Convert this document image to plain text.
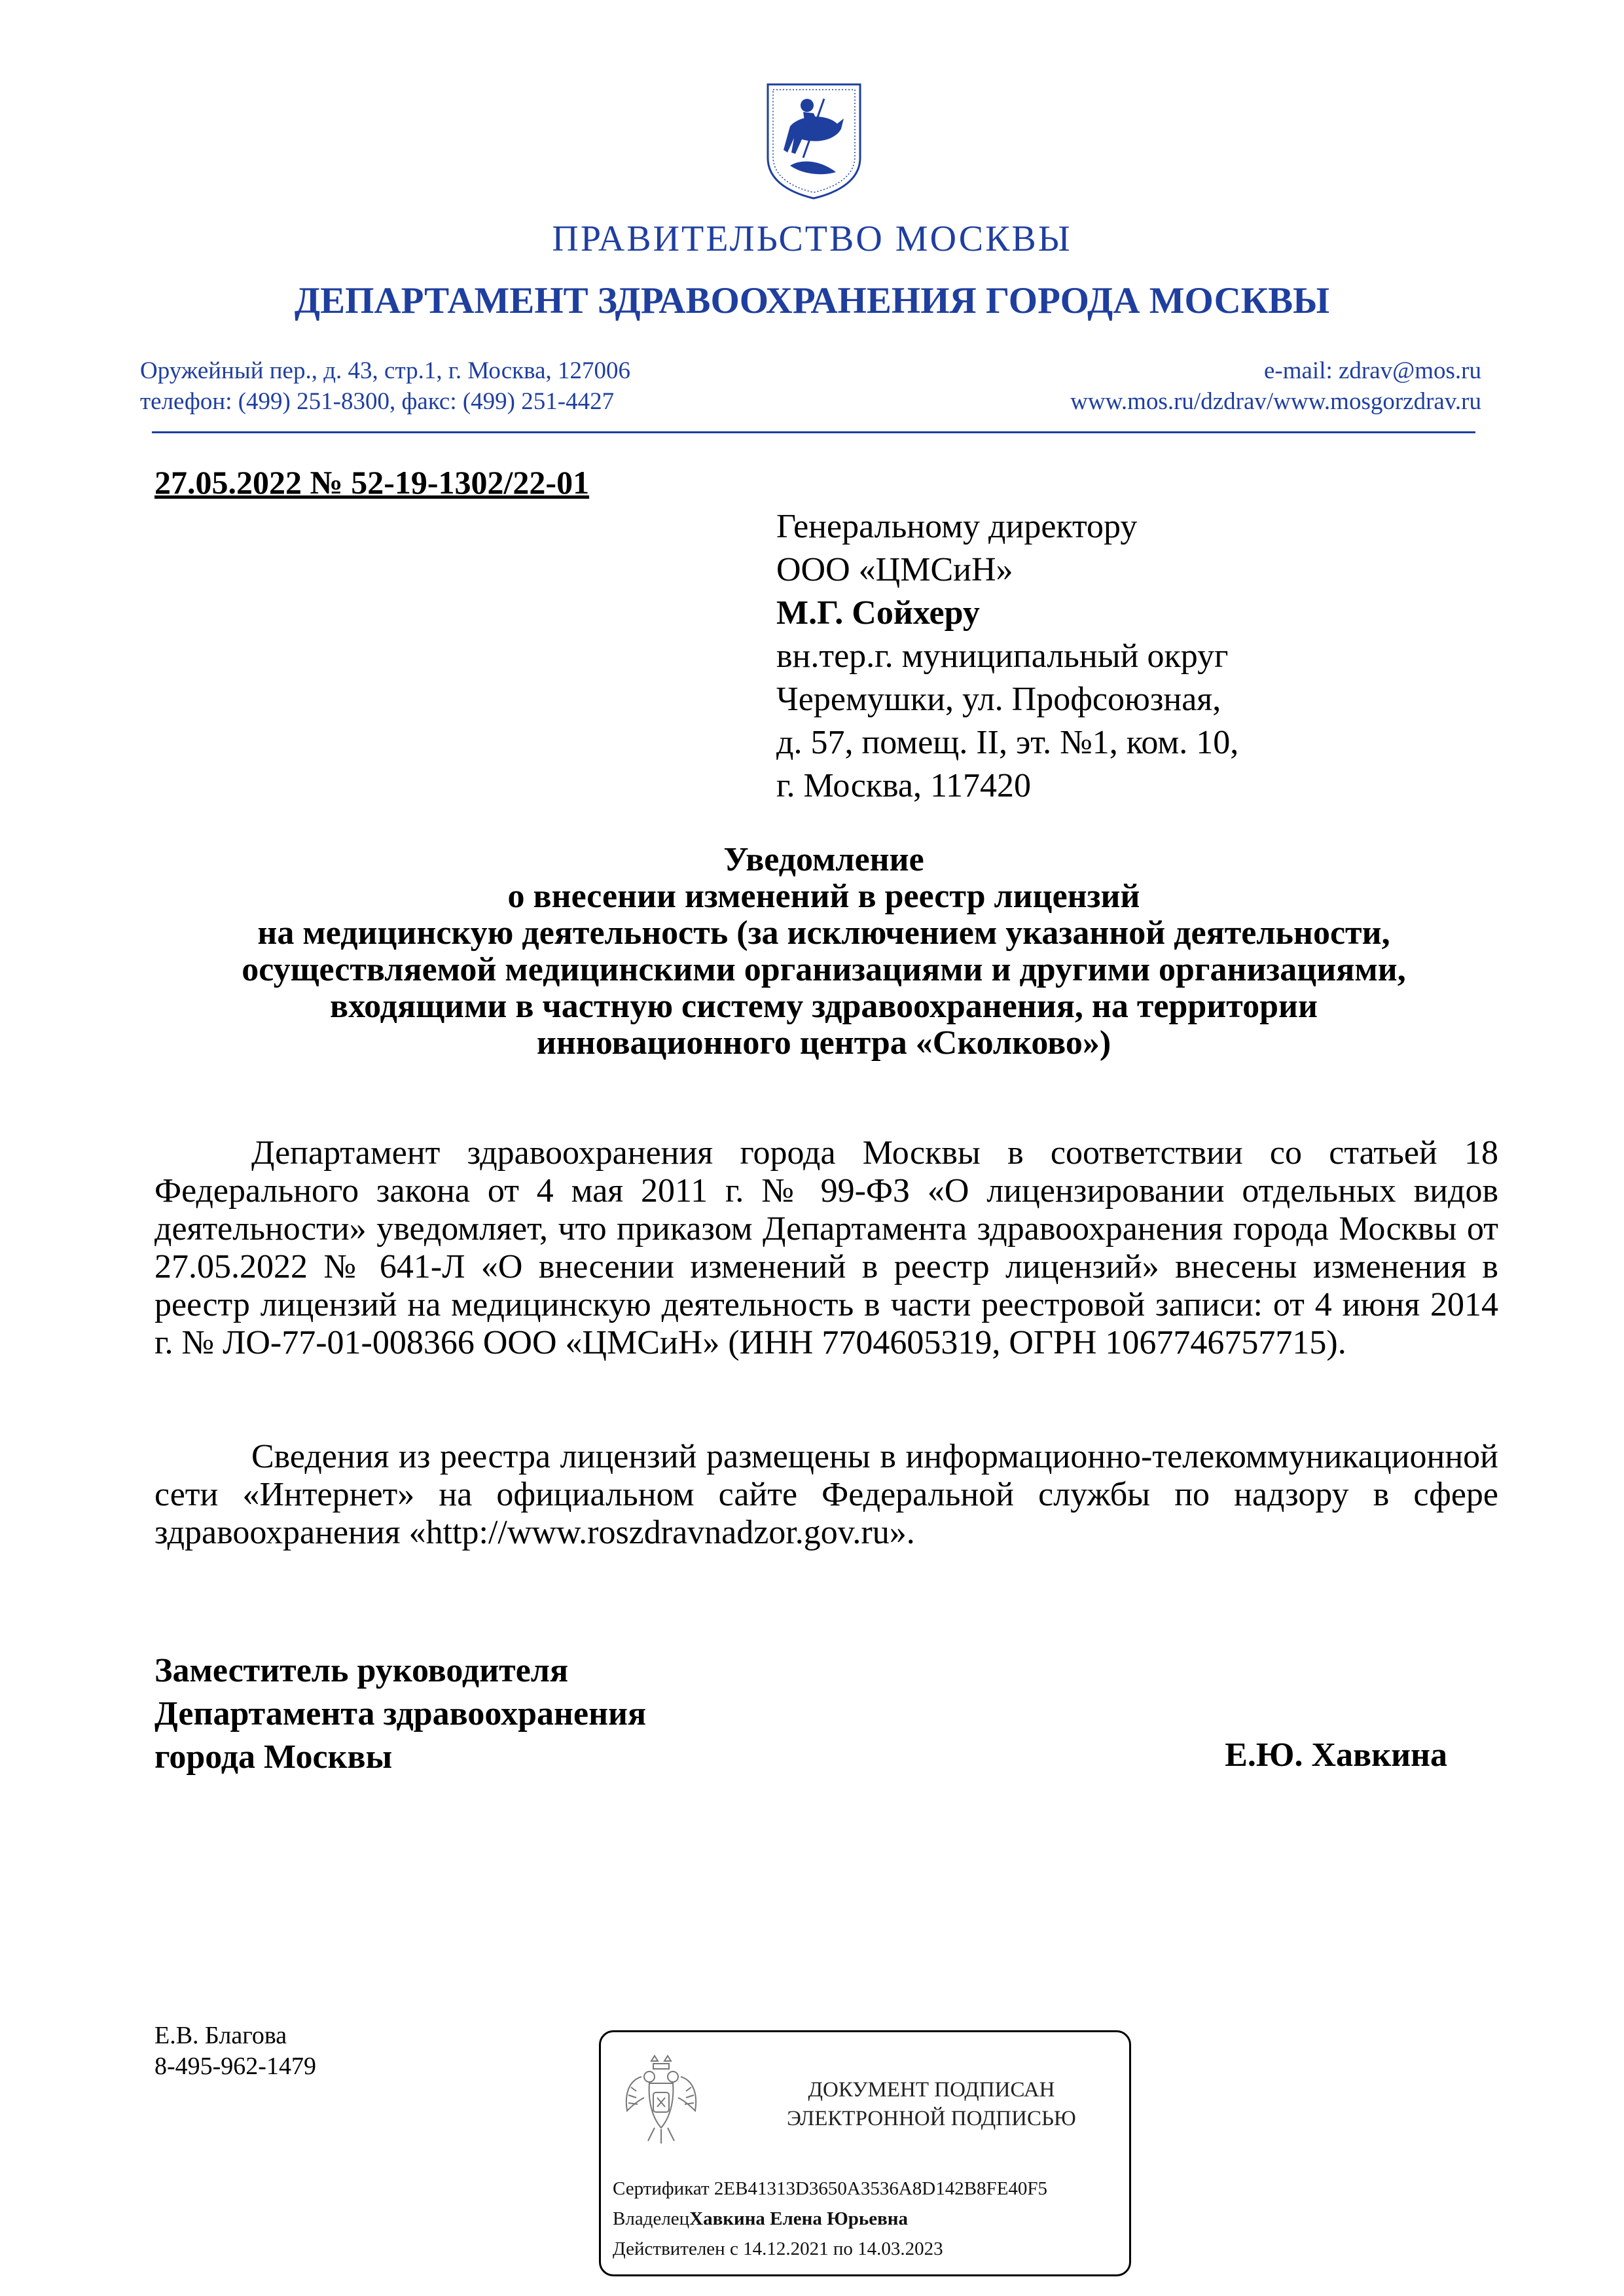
ПРАВИТЕЛЬСТВО МОСКВЫ
ДЕПАРТАМЕНТ ЗДРАВООХРАНЕНИЯ ГОРОДА МОСКВЫ
Оружейный пер., д. 43, стр.1, г. Москва, 127006
телефон: (499) 251-8300, факс: (499) 251-4427
e-mail: zdrav@mos.ru
www.mos.ru/dzdrav/www.mosgorzdrav.ru
27.05.2022 № 52-19-1302/22-01
Генеральному директору
ООО «ЦМСиН»
М.Г. Сойхеру
вн.тер.г. муниципальный округ
Черемушки, ул. Профсоюзная,
д. 57, помещ. II, эт. №1, ком. 10,
г. Москва, 117420
Уведомление
о внесении изменений в реестр лицензий
на медицинскую деятельность (за исключением указанной деятельности,
осуществляемой медицинскими организациями и другими организациями,
входящими в частную систему здравоохранения, на территории
инновационного центра «Сколково»)
Департамент здравоохранения города Москвы в соответствии со статьей 18 Федерального закона от 4 мая 2011 г. № 99-ФЗ «О лицензировании отдельных видов деятельности» уведомляет, что приказом Департамента здравоохранения города Москвы от 27.05.2022 № 641-Л «О внесении изменений в реестр лицензий» внесены изменения в реестр лицензий на медицинскую деятельность в части реестровой записи: от 4 июня 2014 г. № ЛО-77-01-008366 ООО «ЦМСиН» (ИНН 7704605319, ОГРН 1067746757715).
Сведения из реестра лицензий размещены в информационно-телекоммуникационной сети «Интернет» на официальном сайте Федеральной службы по надзору в сфере здравоохранения «http://www.roszdravnadzor.gov.ru».
Заместитель руководителя
Департамента здравоохранения
города Москвы	Е.Ю. Хавкина
Е.В. Благова
8-495-962-1479
ДОКУМЕНТ ПОДПИСАН
ЭЛЕКТРОННОЙ ПОДПИСЬЮ
Сертификат 2EB41313D3650A3536A8D142B8FE40F5
ВладелецХавкина Елена Юрьевна
Действителен с 14.12.2021 по 14.03.2023
